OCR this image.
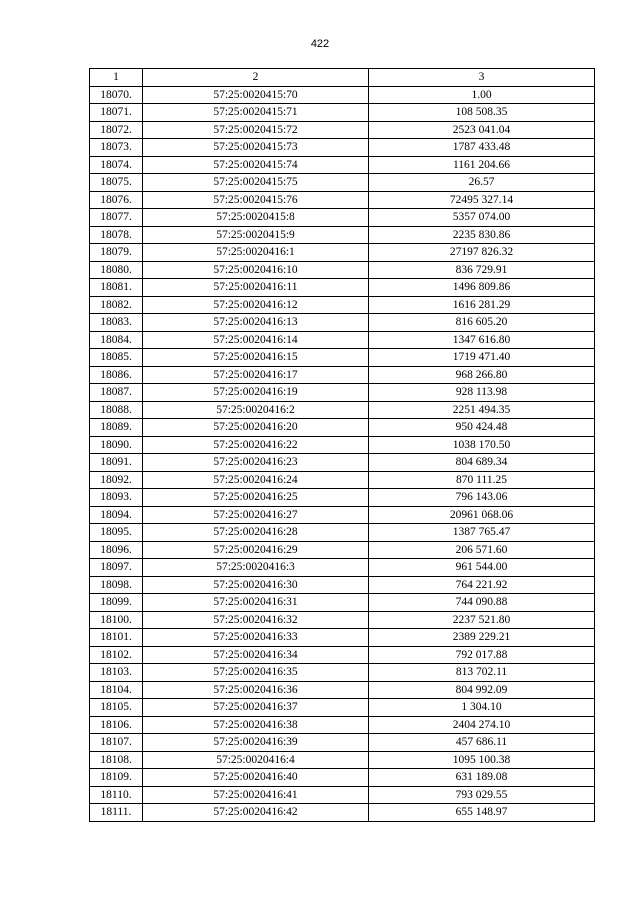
422
1	2	3
18070.	57:25:0020415:70	1.00
18071.	57:25:0020415:71	108 508.35
18072.	57:25:0020415:72	2523 041.04
18073.	57:25:0020415:73	1787 433.48
18074.	57:25:0020415:74	1161 204.66
18075.	57:25:0020415:75	26.57
18076.	57:25:0020415:76	72495 327.14
18077.	57:25:0020415:8	5357 074.00
18078.	57:25:0020415:9	2235 830.86
18079.	57:25:0020416:1	27197 826.32
18080.	57:25:0020416:10	836 729.91
18081.	57:25:0020416:11	1496 809.86
18082.	57:25:0020416:12	1616 281.29
18083.	57:25:0020416:13	816 605.20
18084.	57:25:0020416:14	1347 616.80
18085.	57:25:0020416:15	1719 471.40
18086.	57:25:0020416:17	968 266.80
18087.	57:25:0020416:19	928 113.98
18088.	57:25:0020416:2	2251 494.35
18089.	57:25:0020416:20	950 424.48
18090.	57:25:0020416:22	1038 170.50
18091.	57:25:0020416:23	804 689.34
18092.	57:25:0020416:24	870 111.25
18093.	57:25:0020416:25	796 143.06
18094.	57:25:0020416:27	20961 068.06
18095.	57:25:0020416:28	1387 765.47
18096.	57:25:0020416:29	206 571.60
18097.	57:25:0020416:3	961 544.00
18098.	57:25:0020416:30	764 221.92
18099.	57:25:0020416:31	744 090.88
18100.	57:25:0020416:32	2237 521.80
18101.	57:25:0020416:33	2389 229.21
18102.	57:25:0020416:34	792 017.88
18103.	57:25:0020416:35	813 702.11
18104.	57:25:0020416:36	804 992.09
18105.	57:25:0020416:37	1 304.10
18106.	57:25:0020416:38	2404 274.10
18107.	57:25:0020416:39	457 686.11
18108.	57:25:0020416:4	1095 100.38
18109.	57:25:0020416:40	631 189.08
18110.	57:25:0020416:41	793 029.55
18111.	57:25:0020416:42	655 148.97
